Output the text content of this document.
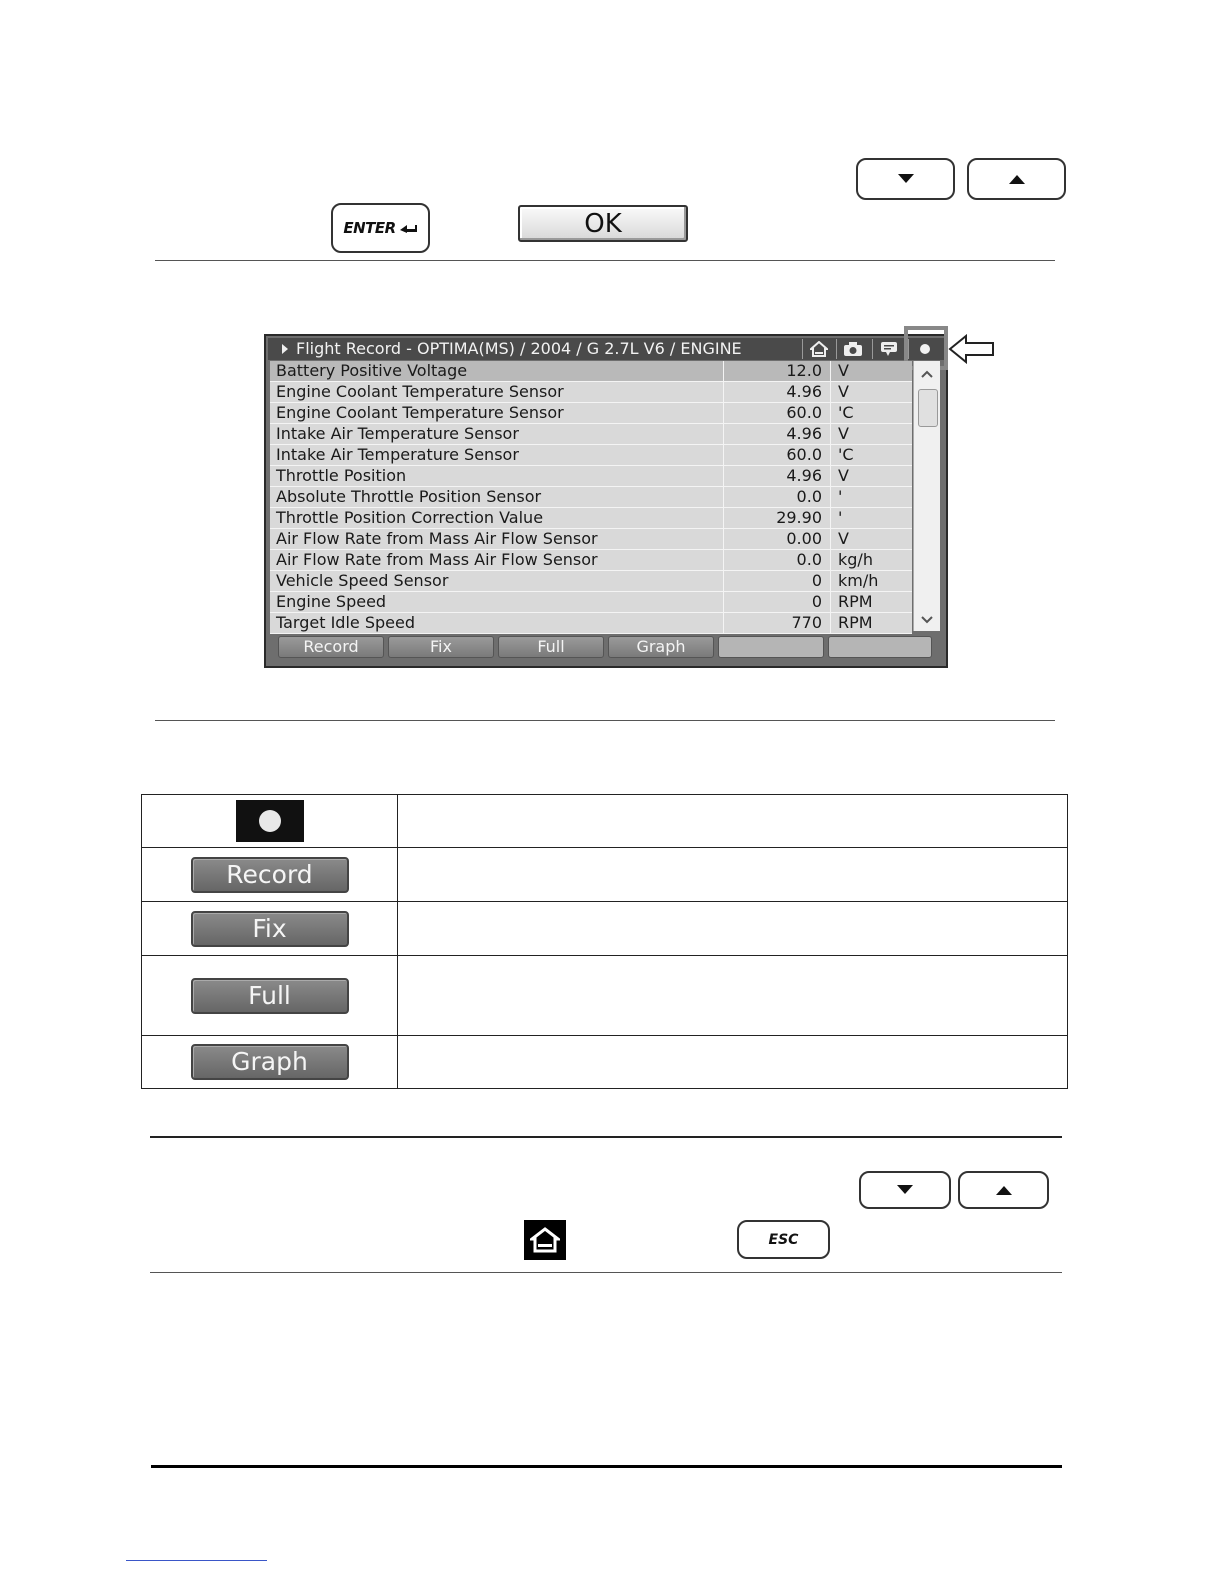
ENTER	OK
Flight Record - OPTIMA(MS) / 2004 / G 2.7L V6 / ENGINE
Battery Positive Voltage	12.0 V
Engine Coolant Temperature Sensor	4.96 V
Engine Coolant Temperature Sensor	60.0 'C
Intake Air Temperature Sensor	4.96 V
Intake Air Temperature Sensor	60.0 'C
Throttle Position	4.96 V
Absolute Throttle Position Sensor	0.0 '
Throttle Position Correction Value	29.90 '
Air Flow Rate from Mass Air Flow Sensor	0.00 V
Air Flow Rate from Mass Air Flow Sensor	0.0 kg/h
Vehicle Speed Sensor	0 km/h
Engine Speed	0 RPM
Target Idle Speed	770 RPM
Record	Fix	Full	Graph

Record	
Fix	
Full	
Graph	
ESC
